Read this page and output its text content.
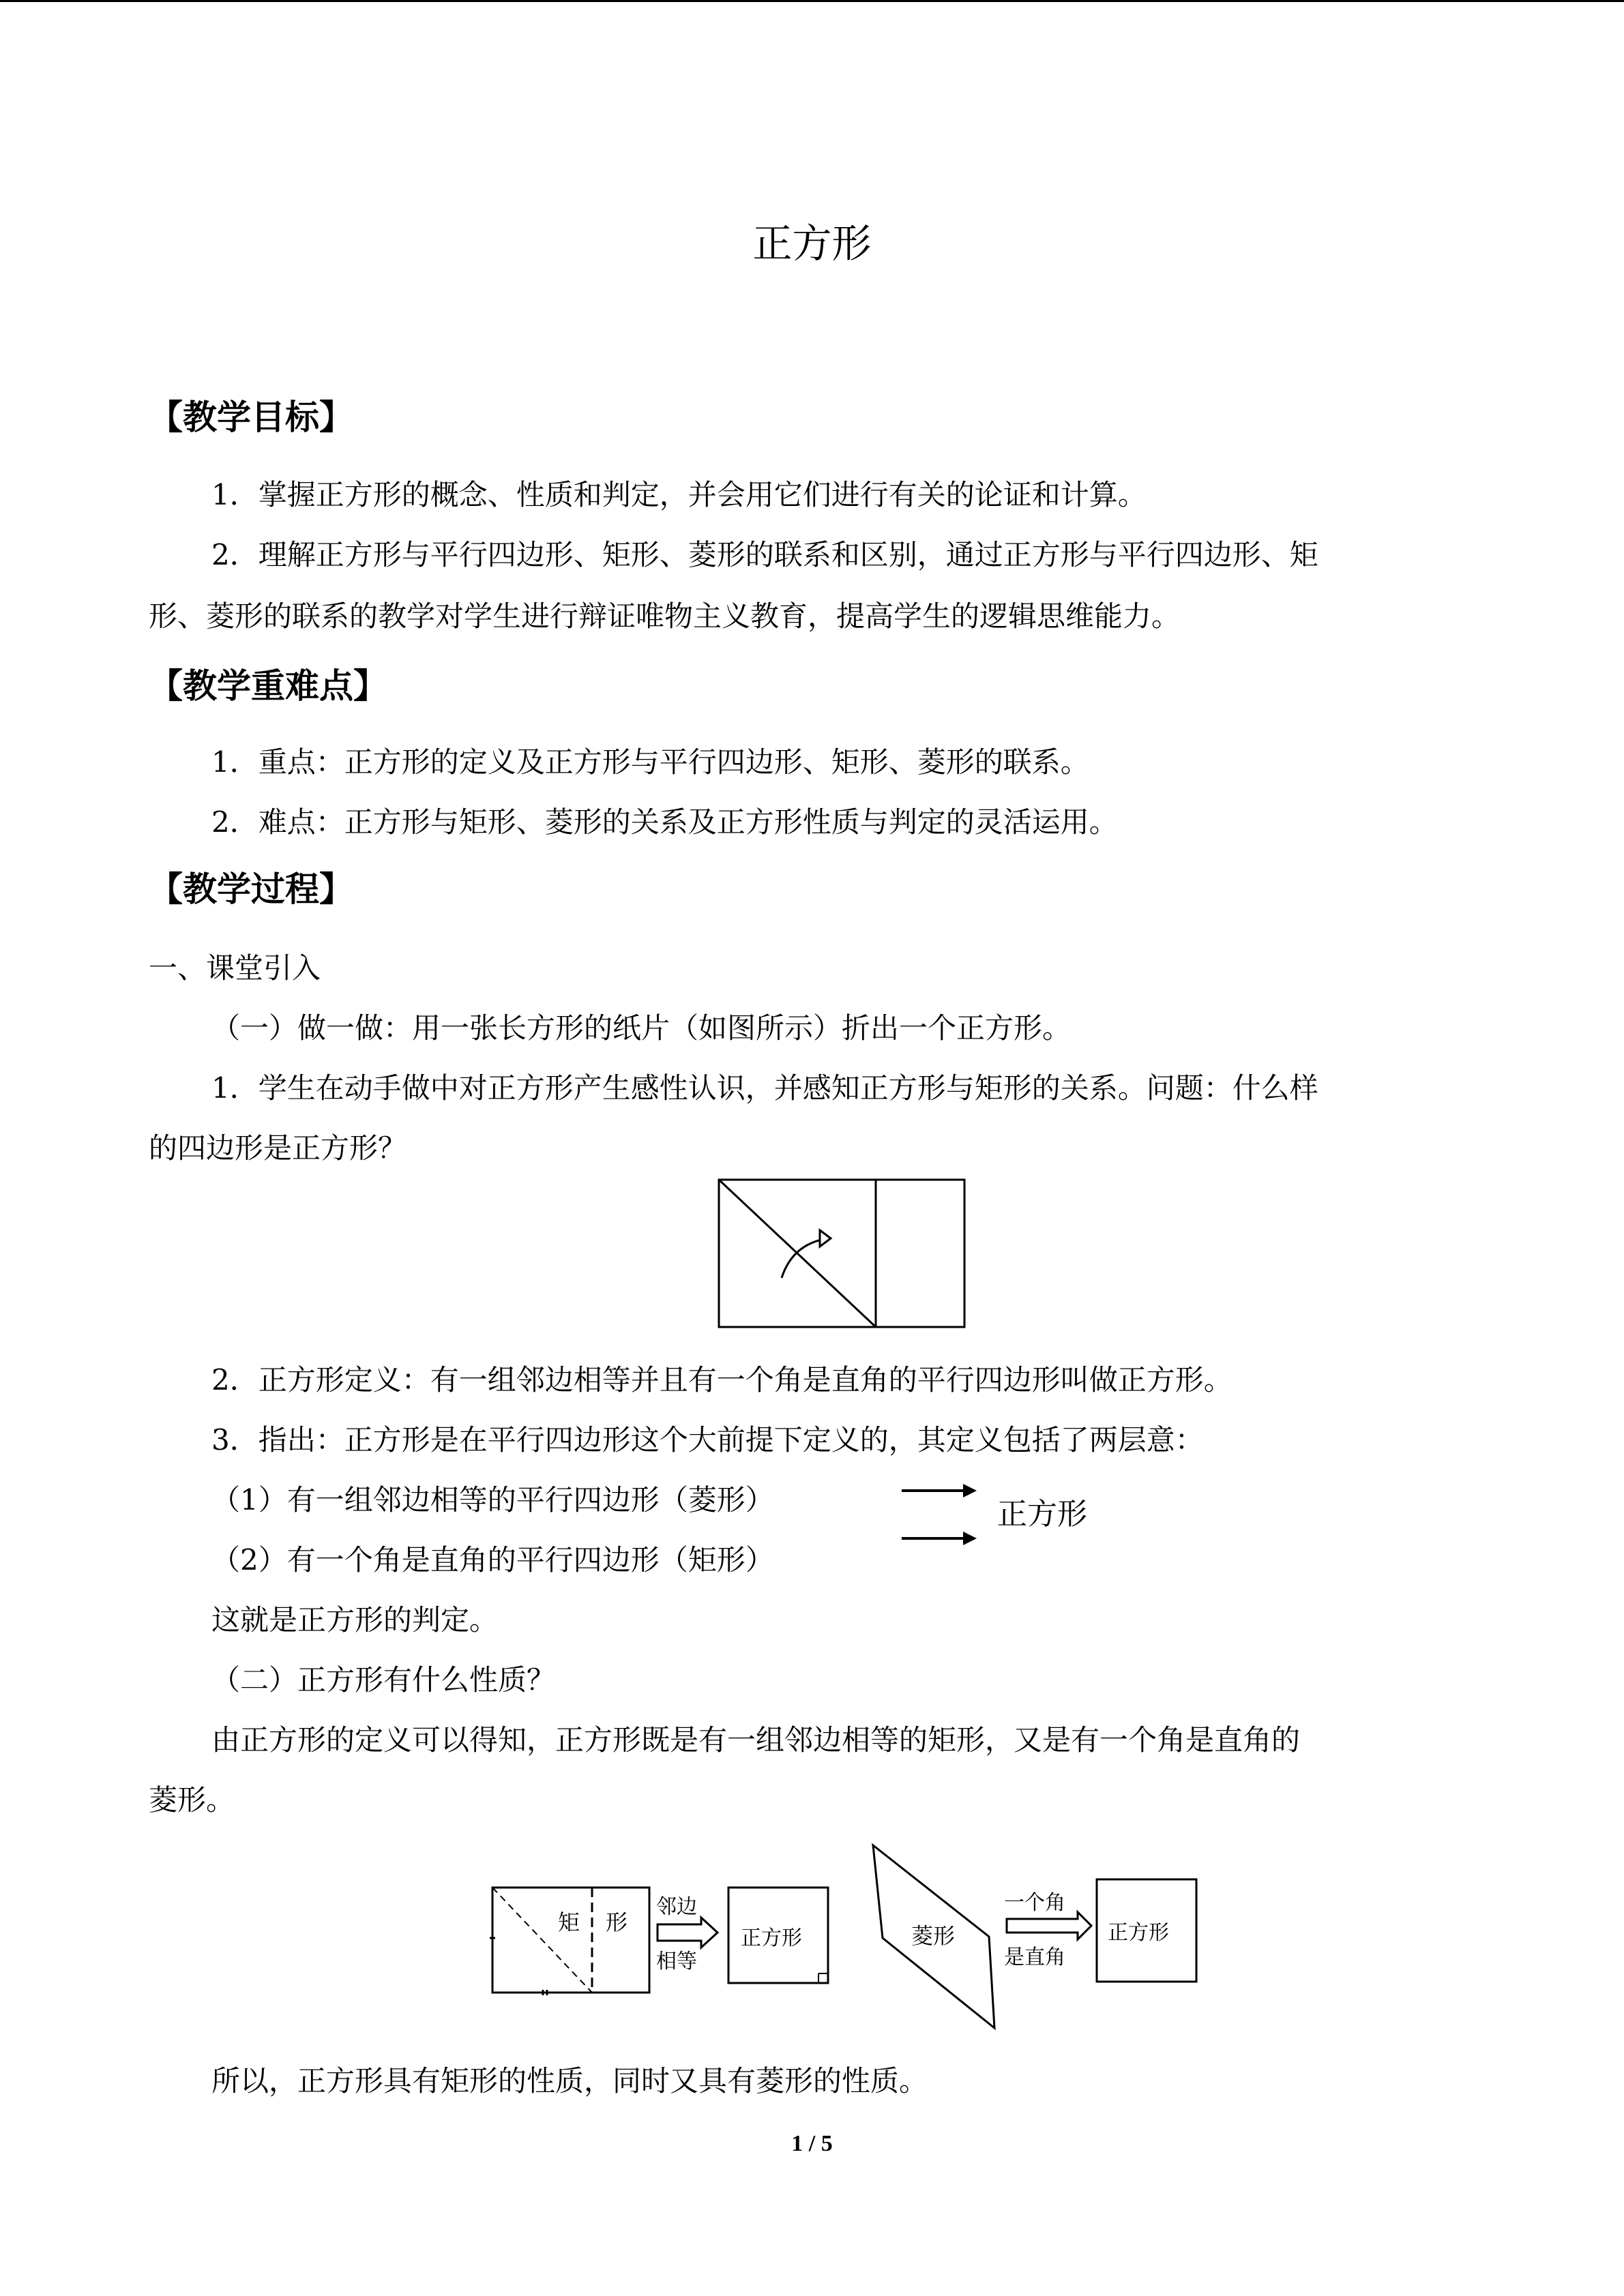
正方形
【教学目标】
1．掌握正方形的概念、性质和判定，并会用它们进行有关的论证和计算。
2．理解正方形与平行四边形、矩形、菱形的联系和区别，通过正方形与平行四边形、矩
形、菱形的联系的教学对学生进行辩证唯物主义教育，提高学生的逻辑思维能力。
【教学重难点】
1．重点：正方形的定义及正方形与平行四边形、矩形、菱形的联系。
2．难点：正方形与矩形、菱形的关系及正方形性质与判定的灵活运用。
【教学过程】
一、课堂引入
（一）做一做：用一张长方形的纸片（如图所示）折出一个正方形。
1．学生在动手做中对正方形产生感性认识，并感知正方形与矩形的关系。问题：什么样
的四边形是正方形？
2．正方形定义：有一组邻边相等并且有一个角是直角的平行四边形叫做正方形。
3．指出：正方形是在平行四边形这个大前提下定义的，其定义包括了两层意：
（1）有一组邻边相等的平行四边形（菱形）
（2）有一个角是直角的平行四边形（矩形）
正方形
这就是正方形的判定。
（二）正方形有什么性质？
由正方形的定义可以得知，正方形既是有一组邻边相等的矩形，又是有一个角是直角的
菱形。
矩 形
邻边
相等
正方形	菱形
一个角
是直角
正方形
所以，正方形具有矩形的性质，同时又具有菱形的性质。
1 / 5
